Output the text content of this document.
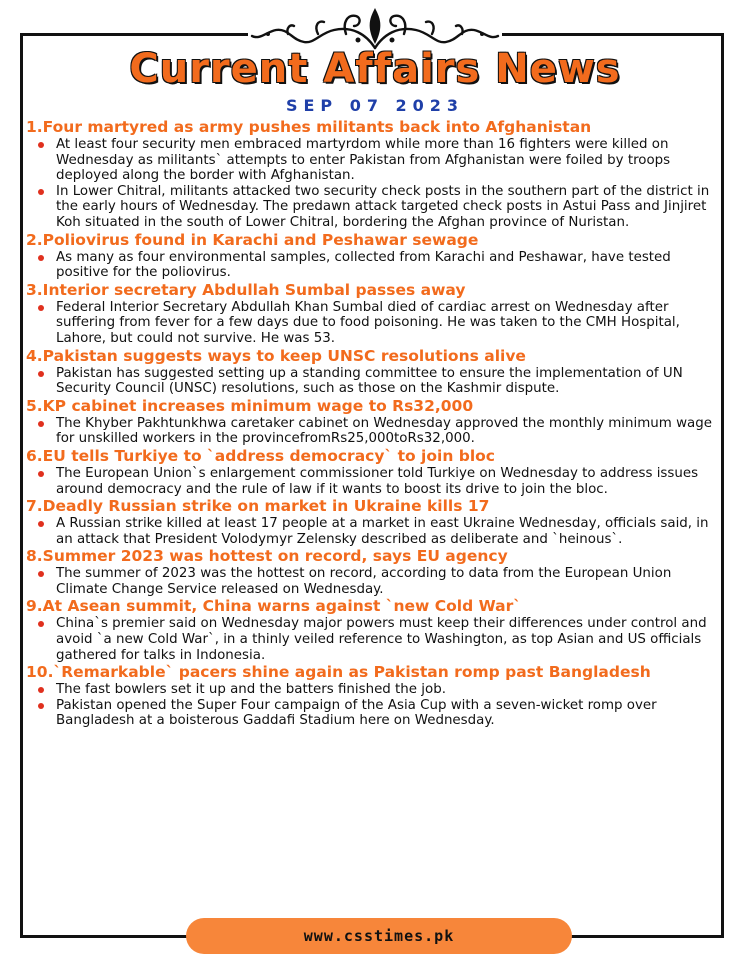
Current Affairs News
SEP 07 2023
1.Four martyred as army pushes militants back into Afghanistan
At least four security men embraced martyrdom while more than 16 fighters were killed on Wednesday as militants` attempts to enter Pakistan from Afghanistan were foiled by troops deployed along the border with Afghanistan.
In Lower Chitral, militants attacked two security check posts in the southern part of the district in the early hours of Wednesday. The predawn attack targeted check posts in Astui Pass and Jinjiret Koh situated in the south of Lower Chitral, bordering the Afghan province of Nuristan.
2.Poliovirus found in Karachi and Peshawar sewage
As many as four environmental samples, collected from Karachi and Peshawar, have tested positive for the poliovirus.
3.Interior secretary Abdullah Sumbal passes away
Federal Interior Secretary Abdullah Khan Sumbal died of cardiac arrest on Wednesday after suffering from fever for a few days due to food poisoning. He was taken to the CMH Hospital, Lahore, but could not survive. He was 53.
4.Pakistan suggests ways to keep UNSC resolutions alive
Pakistan has suggested setting up a standing committee to ensure the implementation of UN Security Council (UNSC) resolutions, such as those on the Kashmir dispute.
5.KP cabinet increases minimum wage to Rs32,000
The Khyber Pakhtunkhwa caretaker cabinet on Wednesday approved the monthly minimum wage for unskilled workers in the provincefromRs25,000toRs32,000.
6.EU tells Turkiye to `address democracy` to join bloc
The European Union`s enlargement commissioner told Turkiye on Wednesday to address issues around democracy and the rule of law if it wants to boost its drive to join the bloc.
7.Deadly Russian strike on market in Ukraine kills 17
A Russian strike killed at least 17 people at a market in east Ukraine Wednesday, officials said, in an attack that President Volodymyr Zelensky described as deliberate and `heinous`.
8.Summer 2023 was hottest on record, says EU agency
The summer of 2023 was the hottest on record, according to data from the European Union Climate Change Service released on Wednesday.
9.At Asean summit, China warns against `new Cold War`
China`s premier said on Wednesday major powers must keep their differences under control and avoid `a new Cold War`, in a thinly veiled reference to Washington, as top Asian and US officials gathered for talks in Indonesia.
10.`Remarkable` pacers shine again as Pakistan romp past Bangladesh
The fast bowlers set it up and the batters finished the job.
Pakistan opened the Super Four campaign of the Asia Cup with a seven-wicket romp over Bangladesh at a boisterous Gaddafi Stadium here on Wednesday.
www.csstimes.pk
